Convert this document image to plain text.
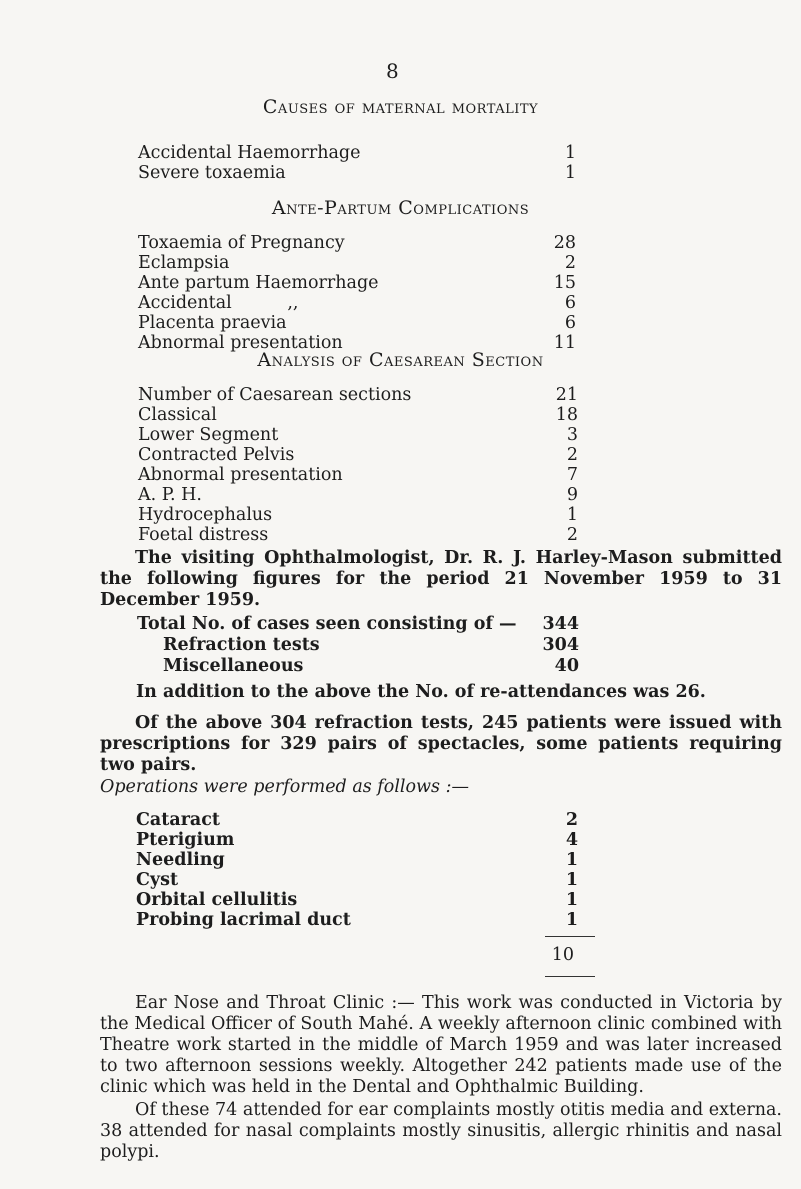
8
Causes of maternal mortality
Accidental Haemorrhage	1
Severe toxaemia	1
Ante-Partum Complications
Toxaemia of Pregnancy	28
Eclampsia	2
Ante partum Haemorrhage	15
Accidental          ,,	6
Placenta praevia	6
Abnormal presentation	11
Analysis of Caesarean Section
Number of Caesarean sections	21
Classical	18
Lower Segment	3
Contracted Pelvis	2
Abnormal presentation	7
A. P. H.	9
Hydrocephalus	1
Foetal distress	2

The visiting Ophthalmologist, Dr. R. J. Harley-Mason submitted the following figures for the period 21 November 1959 to 31 December 1959.

Total No. of cases seen consisting of —	344
Refraction tests	304
Miscellaneous	40

In addition to the above the No. of re-attendances was 26.

Of the above 304 refraction tests, 245 patients were issued with prescriptions for 329 pairs of spectacles, some patients requiring two pairs.

Operations were performed as follows :—
Cataract	2
Pterigium	4
Needling	1
Cyst	1
Orbital cellulitis	1
Probing lacrimal duct	1
10

Ear Nose and Throat Clinic :— This work was conducted in Victoria by the Medical Officer of South Mahé. A weekly afternoon clinic combined with Theatre work started in the middle of March 1959 and was later increased to two afternoon sessions weekly. Altogether 242 patients made use of the clinic which was held in the Dental and Ophthalmic Building.

Of these 74 attended for ear complaints mostly otitis media and externa. 38 attended for nasal complaints mostly sinusitis, allergic rhinitis and nasal polypi.
